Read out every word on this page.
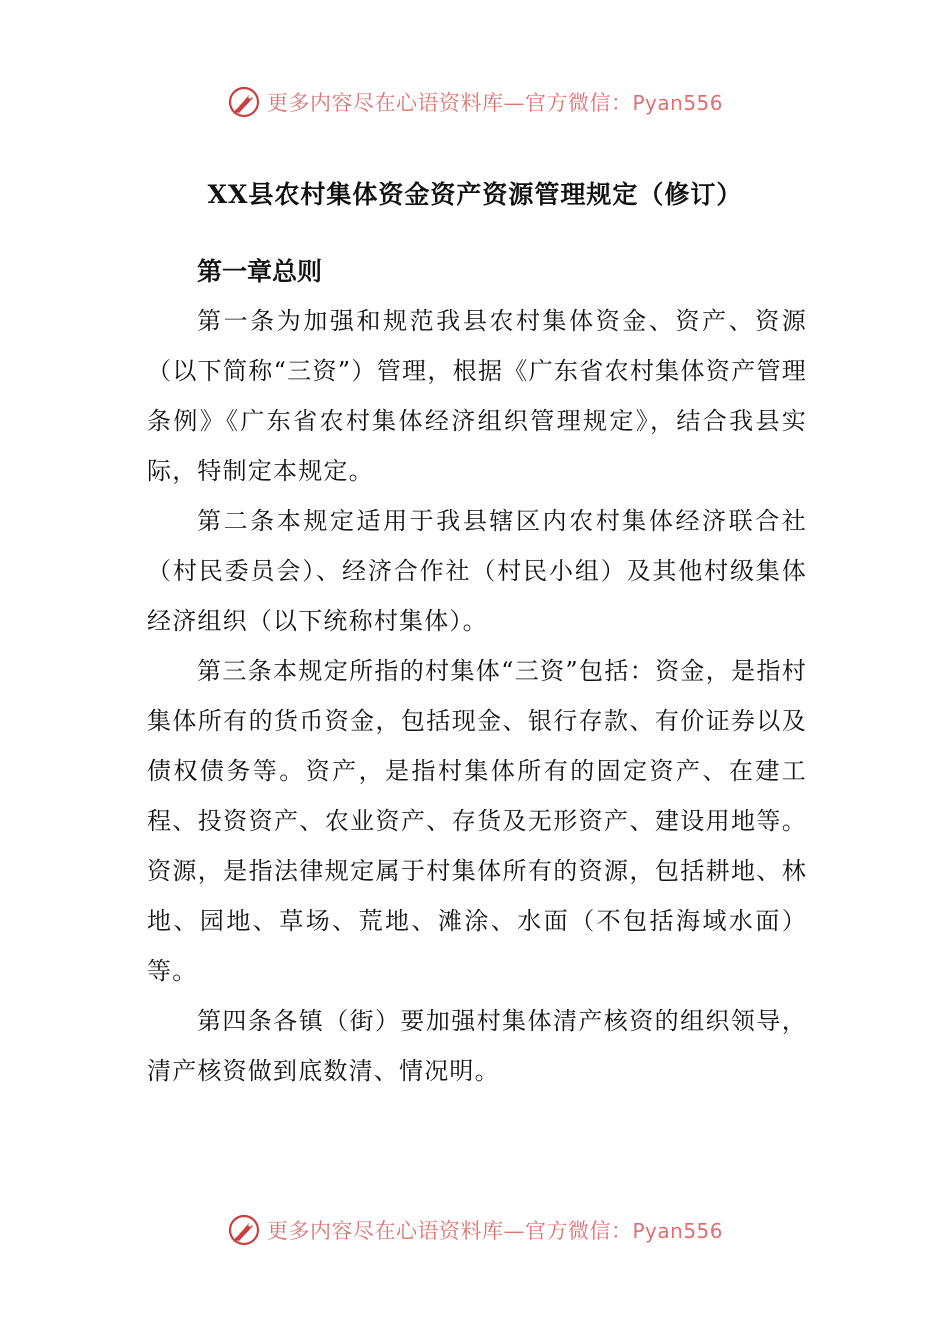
更多内容尽在心语资料库—官方微信：Pyan556
XX县农村集体资金资产资源管理规定（修订）
第一章总则

第一条为加强和规范我县农村集体资金、资产、资源（以下简称“三资”）管理，根据《广东省农村集体资产管理条例》《广东省农村集体经济组织管理规定》，结合我县实际，特制定本规定。

第二条本规定适用于我县辖区内农村集体经济联合社（村民委员会）、经济合作社（村民小组）及其他村级集体经济组织（以下统称村集体）。

第三条本规定所指的村集体“三资”包括：资金，是指村集体所有的货币资金，包括现金、银行存款、有价证券以及债权债务等。资产，是指村集体所有的固定资产、在建工程、投资资产、农业资产、存货及无形资产、建设用地等。资源，是指法律规定属于村集体所有的资源，包括耕地、林地、园地、草场、荒地、滩涂、水面（不包括海域水面）等。

第四条各镇（街）要加强村集体清产核资的组织领导，清产核资做到底数清、情况明。

更多内容尽在心语资料库—官方微信：Pyan556
